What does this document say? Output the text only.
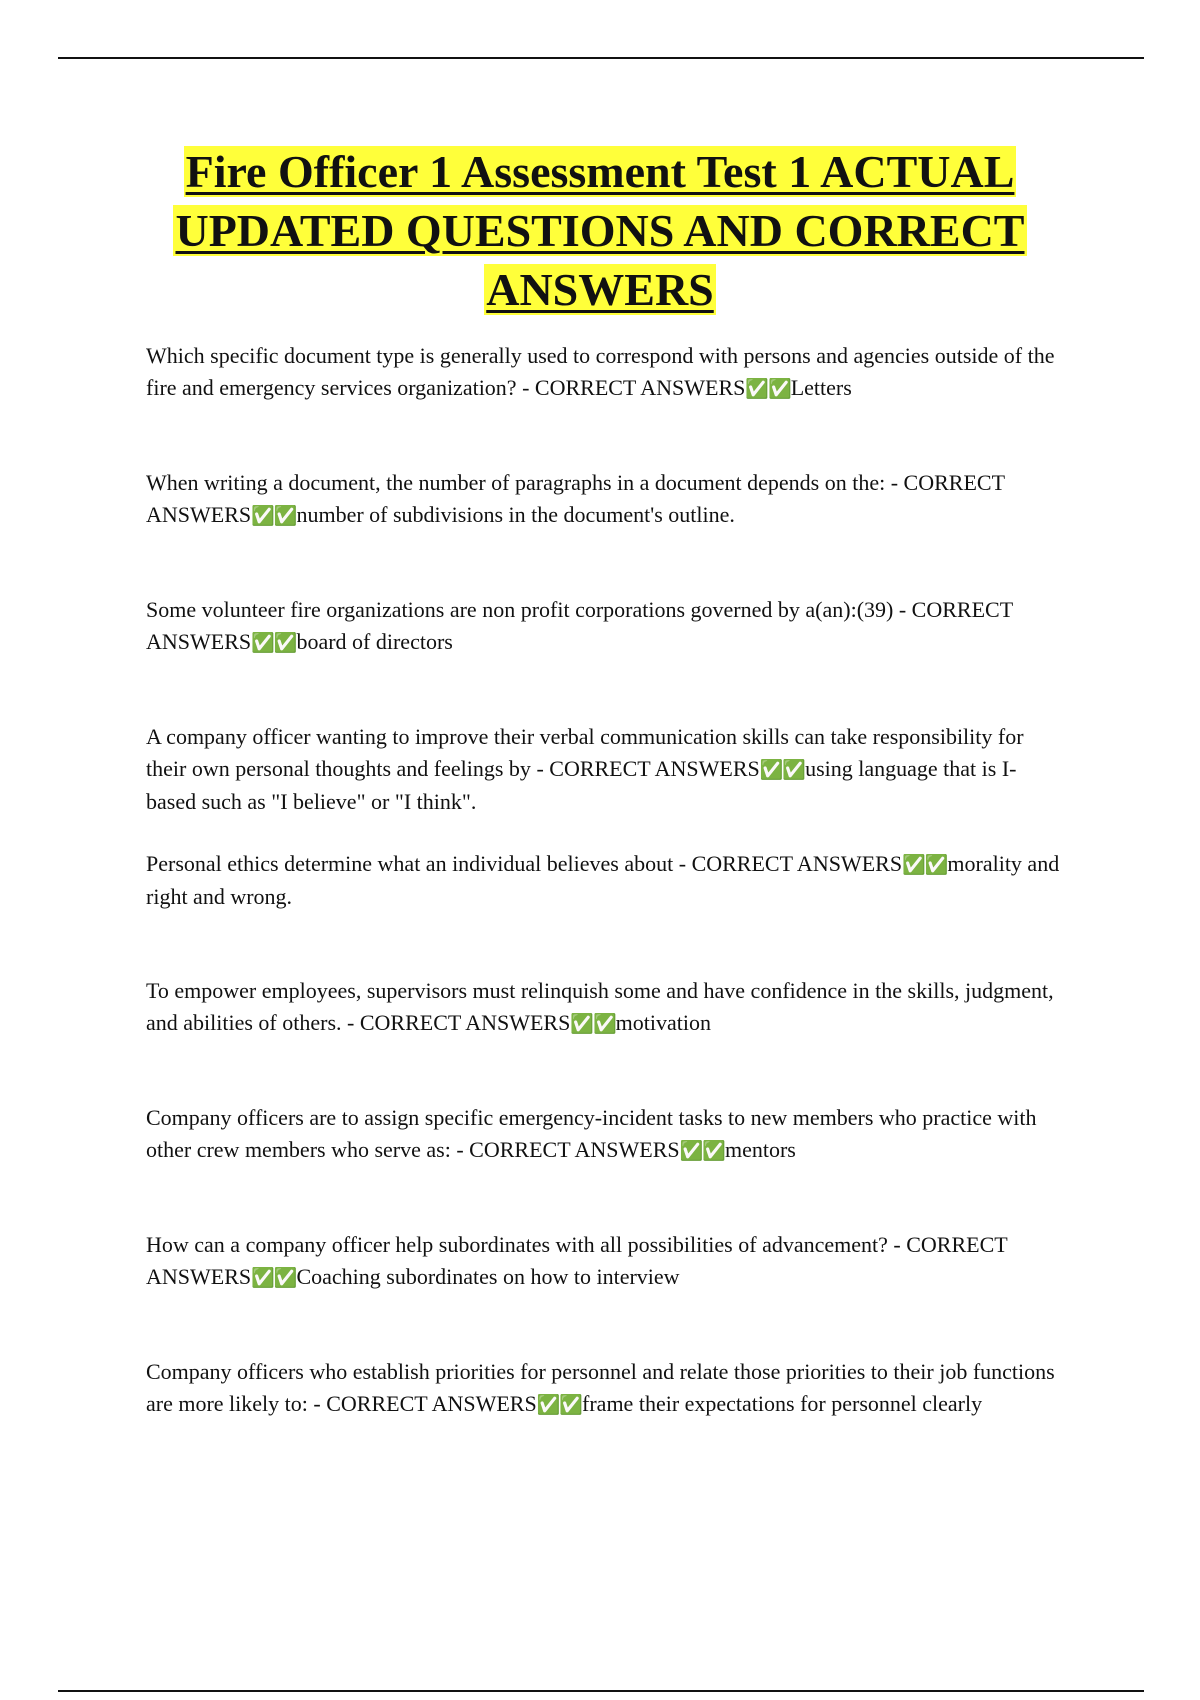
Fire Officer 1 Assessment Test 1 ACTUAL UPDATED QUESTIONS AND CORRECT ANSWERS

Which specific document type is generally used to correspond with persons and agencies outside of the fire and emergency services organization? - CORRECT ANSWERS✅✅Letters

When writing a document, the number of paragraphs in a document depends on the: - CORRECT ANSWERS✅✅number of subdivisions in the document's outline.

Some volunteer fire organizations are non profit corporations governed by a(an):(39) - CORRECT ANSWERS✅✅board of directors

A company officer wanting to improve their verbal communication skills can take responsibility for their own personal thoughts and feelings by - CORRECT ANSWERS✅✅using language that is I-based such as "I believe" or "I think".

Personal ethics determine what an individual believes about - CORRECT ANSWERS✅✅morality and right and wrong.

To empower employees, supervisors must relinquish some and have confidence in the skills, judgment, and abilities of others. - CORRECT ANSWERS✅✅motivation

Company officers are to assign specific emergency-incident tasks to new members who practice with other crew members who serve as: - CORRECT ANSWERS✅✅mentors

How can a company officer help subordinates with all possibilities of advancement? - CORRECT ANSWERS✅✅Coaching subordinates on how to interview

Company officers who establish priorities for personnel and relate those priorities to their job functions are more likely to: - CORRECT ANSWERS✅✅frame their expectations for personnel clearly
